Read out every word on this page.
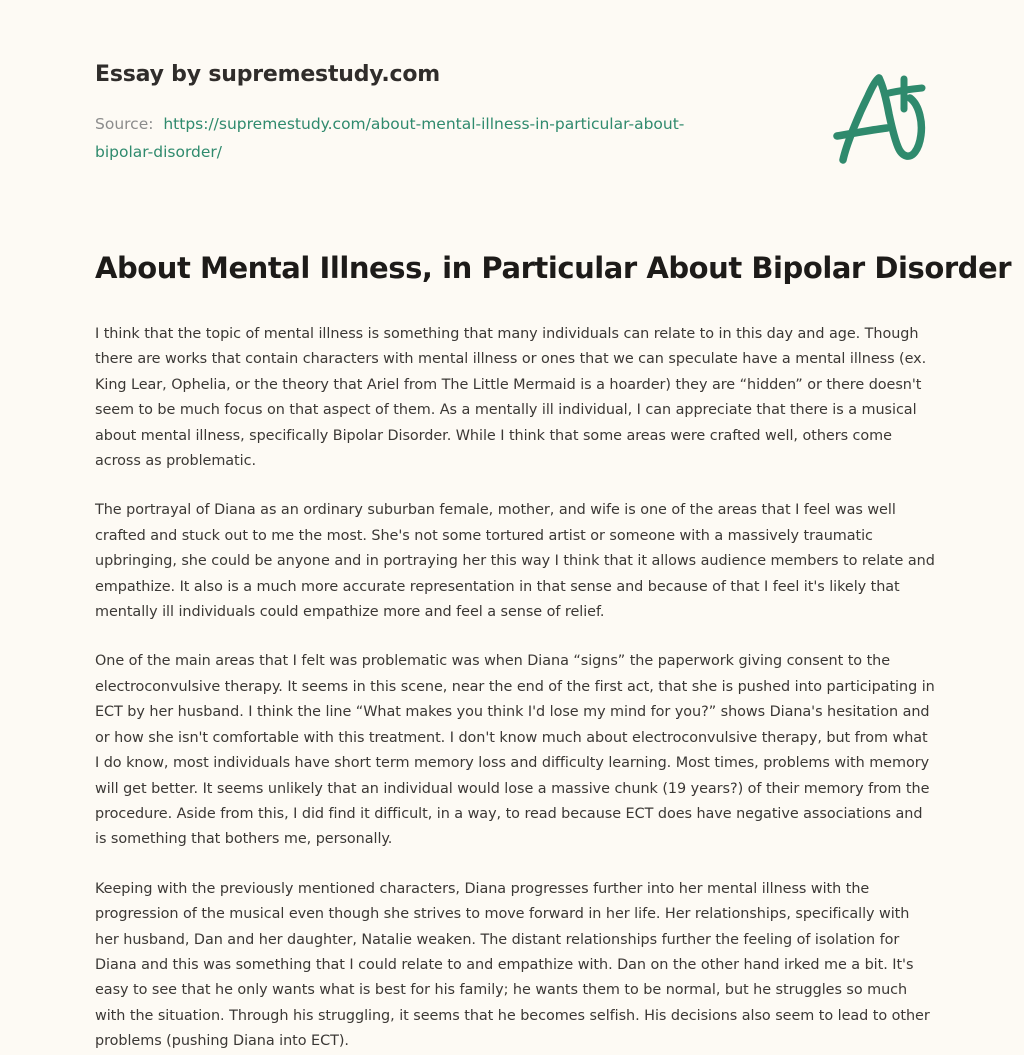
Essay by supremestudy.com
Source: https://supremestudy.com/about-mental-illness-in-particular-about-bipolar-disorder/
About Mental Illness, in Particular About Bipolar Disorder

I think that the topic of mental illness is something that many individuals can relate to in this day and age. Though there are works that contain characters with mental illness or ones that we can speculate have a mental illness (ex. King Lear, Ophelia, or the theory that Ariel from The Little Mermaid is a hoarder) they are “hidden” or there doesn't seem to be much focus on that aspect of them. As a mentally ill individual, I can appreciate that there is a musical about mental illness, specifically Bipolar Disorder. While I think that some areas were crafted well, others come across as problematic.

The portrayal of Diana as an ordinary suburban female, mother, and wife is one of the areas that I feel was well crafted and stuck out to me the most. She's not some tortured artist or someone with a massively traumatic upbringing, she could be anyone and in portraying her this way I think that it allows audience members to relate and empathize. It also is a much more accurate representation in that sense and because of that I feel it's likely that mentally ill individuals could empathize more and feel a sense of relief.

One of the main areas that I felt was problematic was when Diana “signs” the paperwork giving consent to the electroconvulsive therapy. It seems in this scene, near the end of the first act, that she is pushed into participating in ECT by her husband. I think the line “What makes you think I'd lose my mind for you?” shows Diana's hesitation and or how she isn't comfortable with this treatment. I don't know much about electroconvulsive therapy, but from what I do know, most individuals have short term memory loss and difficulty learning. Most times, problems with memory will get better. It seems unlikely that an individual would lose a massive chunk (19 years?) of their memory from the procedure. Aside from this, I did find it difficult, in a way, to read because ECT does have negative associations and is something that bothers me, personally.

Keeping with the previously mentioned characters, Diana progresses further into her mental illness with the progression of the musical even though she strives to move forward in her life. Her relationships, specifically with her husband, Dan and her daughter, Natalie weaken. The distant relationships further the feeling of isolation for Diana and this was something that I could relate to and empathize with. Dan on the other hand irked me a bit. It's easy to see that he only wants what is best for his family; he wants them to be normal, but he struggles so much with the situation. Through his struggling, it seems that he becomes selfish. His decisions also seem to lead to other problems (pushing Diana into ECT).
